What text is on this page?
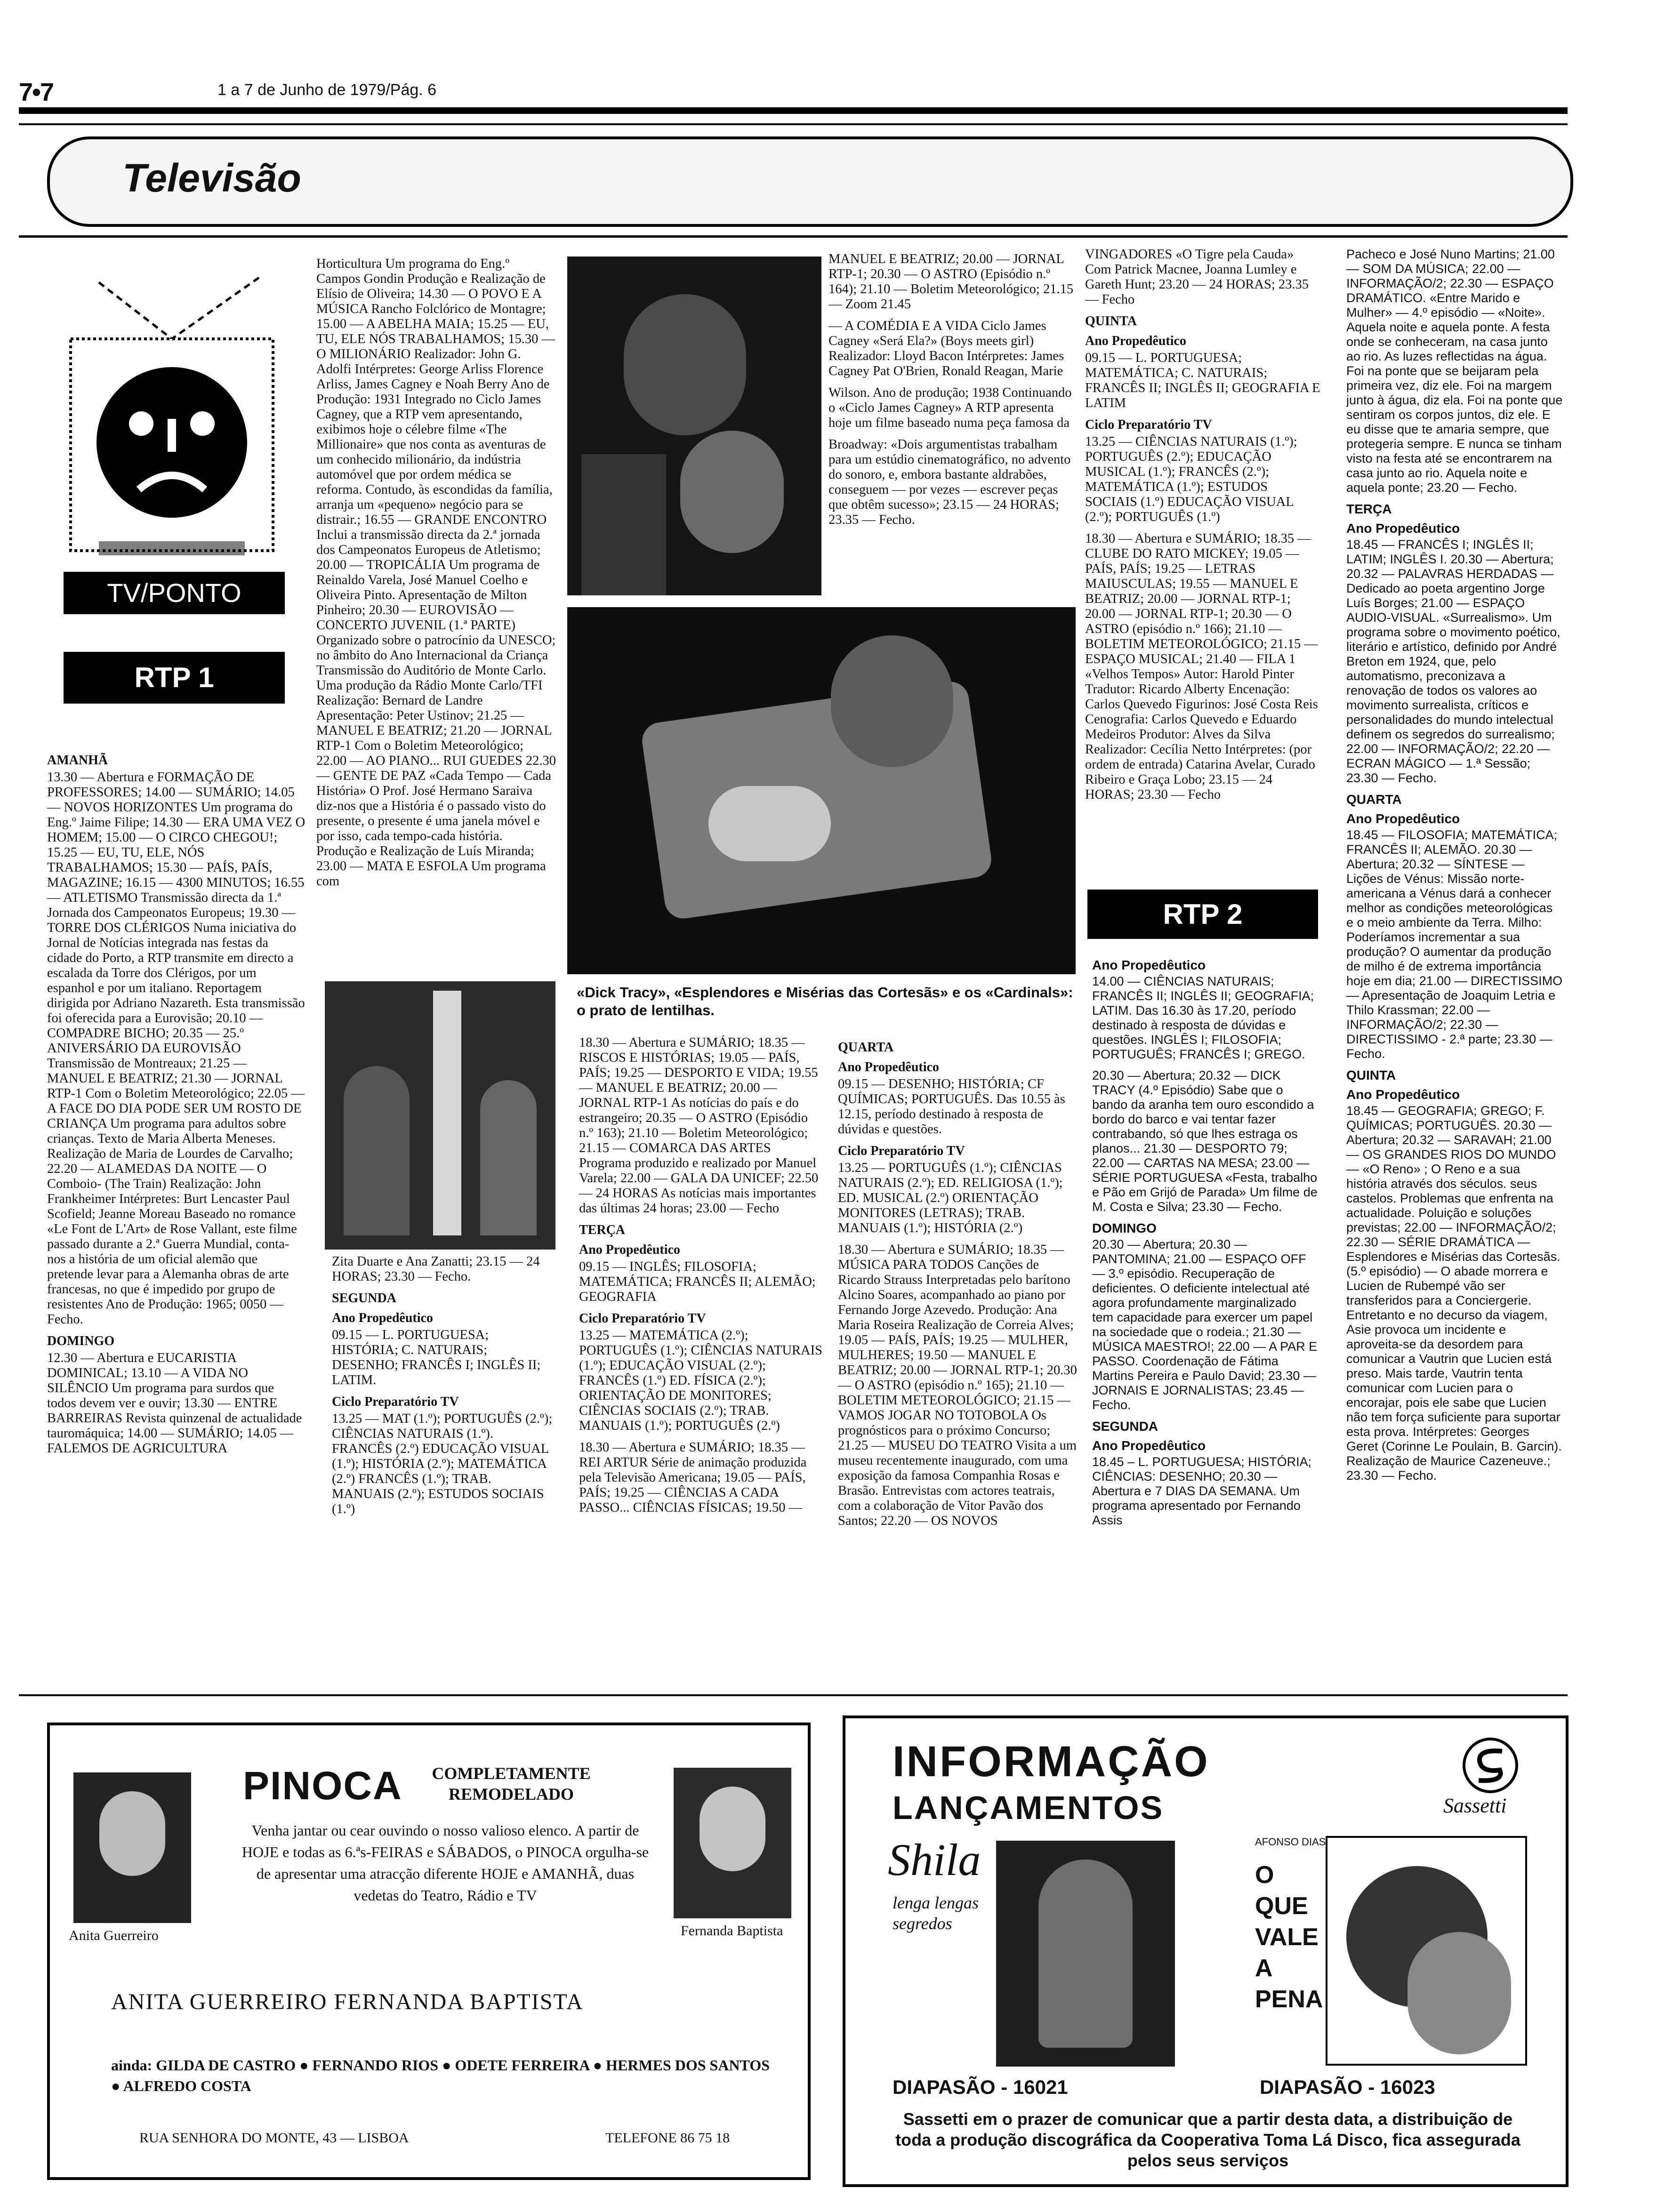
7•7	1 a 7 de Junho de 1979/Pág. 6
Televisão
TV/PONTO
RTP 1
AMANHÃ

13.30 — Abertura e FORMAÇÃO DE PROFESSORES; 14.00 — SUMÁRIO; 14.05 — NOVOS HORIZONTES Um programa do Eng.º Jaime Filipe; 14.30 — ERA UMA VEZ O HOMEM; 15.00 — O CIRCO CHEGOU!; 15.25 — EU, TU, ELE, NÓS TRABALHAMOS; 15.30 — PAÍS, PAÍS, MAGAZINE; 16.15 — 4300 MINUTOS; 16.55 — ATLETISMO Transmissão directa da 1.ª Jornada dos Campeonatos Europeus; 19.30 — TORRE DOS CLÉRIGOS Numa iniciativa do Jornal de Notícias integrada nas festas da cidade do Porto, a RTP transmite em directo a escalada da Torre dos Clérigos, por um espanhol e por um italiano. Reportagem dirigida por Adriano Nazareth. Esta transmissão foi oferecida para a Eurovisão; 20.10 — COMPADRE BICHO; 20.35 — 25.º ANIVERSÁRIO DA EUROVISÃO Transmissão de Montreaux; 21.25 — MANUEL E BEATRIZ; 21.30 — JORNAL RTP-1 Com o Boletim Meteorológico; 22.05 — A FACE DO DIA PODE SER UM ROSTO DE CRIANÇA Um programa para adultos sobre crianças. Texto de Maria Alberta Meneses. Realização de Maria de Lourdes de Carvalho; 22.20 — ALAMEDAS DA NOITE — O Comboio- (The Train) Realização: John Frankheimer Intérpretes: Burt Lencaster Paul Scofield; Jeanne Moreau Baseado no romance «Le Font de L'Art» de Rose Vallant, este filme passado durante a 2.ª Guerra Mundial, conta-nos a história de um oficial alemão que pretende levar para a Alemanha obras de arte francesas, no que é impedido por grupo de resistentes Ano de Produção: 1965; 0050 — Fecho.

DOMINGO

12.30 — Abertura e EUCARISTIA DOMINICAL; 13.10 — A VIDA NO SILÊNCIO Um programa para surdos que todos devem ver e ouvir; 13.30 — ENTRE BARREIRAS Revista quinzenal de actualidade tauromáquica; 14.00 — SUMÁRIO; 14.05 — FALEMOS DE AGRICULTURA

Horticultura Um programa do Eng.º Campos Gondin Produção e Realização de Elísio de Oliveira; 14.30 — O POVO E A MÚSICA Rancho Folclórico de Montagre; 15.00 — A ABELHA MAIA; 15.25 — EU, TU, ELE NÓS TRABALHAMOS; 15.30 — O MILIONÁRIO Realizador: John G. Adolfi Intérpretes: George Arliss Florence Arliss, James Cagney e Noah Berry Ano de Produção: 1931 Integrado no Ciclo James Cagney, que a RTP vem apresentando, exibimos hoje o célebre filme «The Millionaire» que nos conta as aventuras de um conhecido milionário, da indústria automóvel que por ordem médica se reforma. Contudo, às escondidas da família, arranja um «pequeno» negócio para se distrair.; 16.55 — GRANDE ENCONTRO Inclui a transmissão directa da 2.ª jornada dos Campeonatos Europeus de Atletismo; 20.00 — TROPICÁLIA Um programa de Reinaldo Varela, José Manuel Coelho e Oliveira Pinto. Apresentação de Milton Pinheiro; 20.30 — EUROVISÃO — CONCERTO JUVENIL (1.ª PARTE) Organizado sobre o patrocínio da UNESCO; no âmbito do Ano Internacional da Criança Transmissão do Auditório de Monte Carlo. Uma produção da Rádio Monte Carlo/TFI Realização: Bernard de Landre Apresentação: Peter Ustinov; 21.25 — MANUEL E BEATRIZ; 21.20 — JORNAL RTP-1 Com o Boletim Meteorológico; 22.00 — AO PIANO... RUI GUEDES 22.30 — GENTE DE PAZ «Cada Tempo — Cada História» O Prof. José Hermano Saraiva diz-nos que a História é o passado visto do presente, o presente é uma janela móvel e por isso, cada tempo-cada história. Produção e Realização de Luís Miranda; 23.00 — MATA E ESFOLA Um programa com

Zita Duarte e Ana Zanatti; 23.15 — 24 HORAS; 23.30 — Fecho.

SEGUNDA
Ano Propedêutico

09.15 — L. PORTUGUESA; HISTÓRIA; C. NATURAIS; DESENHO; FRANCÊS I; INGLÊS II; LATIM.

Ciclo Preparatório TV

13.25 — MAT (1.º); PORTUGUÊS (2.º); CIÊNCIAS NATURAIS (1.º). FRANCÊS (2.º) EDUCAÇÃO VISUAL (1.º); HISTÓRIA (2.º); MATEMÁTICA (2.º) FRANCÊS (1.º); TRAB. MANUAIS (2.º); ESTUDOS SOCIAIS (1.º)

«Dick Tracy», «Esplendores e Misérias das Cortesãs» e os «Cardinals»: o prato de lentilhas.

MANUEL E BEATRIZ; 20.00 — JORNAL RTP-1; 20.30 — O ASTRO (Episódio n.º 164); 21.10 — Boletim Meteorológico; 21.15 — Zoom 21.45

— A COMÉDIA E A VIDA Ciclo James Cagney «Será Ela?» (Boys meets girl) Realizador: Lloyd Bacon Intérpretes: James Cagney Pat O'Brien, Ronald Reagan, Marie

Wilson. Ano de produção; 1938 Continuando o «Ciclo James Cagney» A RTP apresenta hoje um filme baseado numa peça famosa da

Broadway: «Dois argumentistas trabalham para um estúdio cinematográfico, no advento do sonoro, e, embora bastante aldrabões, conseguem — por vezes — escrever peças que obtêm sucesso»; 23.15 — 24 HORAS; 23.35 — Fecho.

18.30 — Abertura e SUMÁRIO; 18.35 — RISCOS E HISTÓRIAS; 19.05 — PAÍS, PAÍS; 19.25 — DESPORTO E VIDA; 19.55 — MANUEL E BEATRIZ; 20.00 — JORNAL RTP-1 As notícias do país e do estrangeiro; 20.35 — O ASTRO (Episódio n.º 163); 21.10 — Boletim Meteorológico; 21.15 — COMARCA DAS ARTES Programa produzido e realizado por Manuel Varela; 22.00 — GALA DA UNICEF; 22.50 — 24 HORAS As notícias mais importantes das últimas 24 horas; 23.00 — Fecho

TERÇA
Ano Propedêutico

09.15 — INGLÊS; FILOSOFIA; MATEMÁTICA; FRANCÊS II; ALEMÃO; GEOGRAFIA

Ciclo Preparatório TV

13.25 — MATEMÁTICA (2.º); PORTUGUÊS (1.º); CIÊNCIAS NATURAIS (1.º); EDUCAÇÃO VISUAL (2.º); FRANCÊS (1.º) ED. FÍSICA (2.º); ORIENTAÇÃO DE MONITORES; CIÊNCIAS SOCIAIS (2.º); TRAB. MANUAIS (1.º); PORTUGUÊS (2.º)

18.30 — Abertura e SUMÁRIO; 18.35 — REI ARTUR Série de animação produzida pela Televisão Americana; 19.05 — PAÍS, PAÍS; 19.25 — CIÊNCIAS A CADA PASSO... CIÊNCIAS FÍSICAS; 19.50 —

QUARTA
Ano Propedêutico

09.15 — DESENHO; HISTÓRIA; CF QUÍMICAS; PORTUGUÊS. Das 10.55 às 12.15, período destinado à resposta de dúvidas e questões.

Ciclo Preparatório TV

13.25 — PORTUGUÊS (1.º); CIÊNCIAS NATURAIS (2.º); ED. RELIGIOSA (1.º); ED. MUSICAL (2.º) ORIENTAÇÃO MONITORES (LETRAS); TRAB. MANUAIS (1.º); HISTÓRIA (2.º)

18.30 — Abertura e SUMÁRIO; 18.35 — MÚSICA PARA TODOS Canções de Ricardo Strauss Interpretadas pelo barítono Alcino Soares, acompanhado ao piano por Fernando Jorge Azevedo. Produção: Ana Maria Roseira Realização de Correia Alves; 19.05 — PAÍS, PAÍS; 19.25 — MULHER, MULHERES; 19.50 — MANUEL E BEATRIZ; 20.00 — JORNAL RTP-1; 20.30 — O ASTRO (episódio n.º 165); 21.10 — BOLETIM METEOROLÓGICO; 21.15 — VAMOS JOGAR NO TOTOBOLA Os prognósticos para o próximo Concurso; 21.25 — MUSEU DO TEATRO Visita a um museu recentemente inaugurado, com uma exposição da famosa Companhia Rosas e Brasão. Entrevistas com actores teatrais, com a colaboração de Vitor Pavão dos Santos; 22.20 — OS NOVOS

VINGADORES «O Tigre pela Cauda» Com Patrick Macnee, Joanna Lumley e Gareth Hunt; 23.20 — 24 HORAS; 23.35 — Fecho

QUINTA
Ano Propedêutico

09.15 — L. PORTUGUESA; MATEMÁTICA; C. NATURAIS; FRANCÊS II; INGLÊS II; GEOGRAFIA E LATIM

Ciclo Preparatório TV

13.25 — CIÊNCIAS NATURAIS (1.º); PORTUGUÊS (2.º); EDUCAÇÃO MUSICAL (1.º); FRANCÊS (2.º); MATEMÁTICA (1.º); ESTUDOS SOCIAIS (1.º) EDUCAÇÃO VISUAL (2.º); PORTUGUÊS (1.º)

18.30 — Abertura e SUMÁRIO; 18.35 — CLUBE DO RATO MICKEY; 19.05 — PAÍS, PAÍS; 19.25 — LETRAS MAIUSCULAS; 19.55 — MANUEL E BEATRIZ; 20.00 — JORNAL RTP-1; 20.00 — JORNAL RTP-1; 20.30 — O ASTRO (episódio n.º 166); 21.10 — BOLETIM METEOROLÓGICO; 21.15 — ESPAÇO MUSICAL; 21.40 — FILA 1 «Velhos Tempos» Autor: Harold Pinter Tradutor: Ricardo Alberty Encenação: Carlos Quevedo Figurinos: José Costa Reis Cenografia: Carlos Quevedo e Eduardo Medeiros Produtor: Alves da Silva Realizador: Cecília Netto Intérpretes: (por ordem de entrada) Catarina Avelar, Curado Ribeiro e Graça Lobo; 23.15 — 24 HORAS; 23.30 — Fecho

RTP 2
Ano Propedêutico

14.00 — CIÊNCIAS NATURAIS; FRANCÊS II; INGLÊS II; GEOGRAFIA; LATIM. Das 16.30 às 17.20, período destinado à resposta de dúvidas e questões. INGLÊS I; FILOSOFIA; PORTUGUÊS; FRANCÊS I; GREGO.

20.30 — Abertura; 20.32 — DICK TRACY (4.º Episódio) Sabe que o bando da aranha tem ouro escondido a bordo do barco e vai tentar fazer contrabando, só que lhes estraga os planos... 21.30 — DESPORTO 79; 22.00 — CARTAS NA MESA; 23.00 — SÉRIE PORTUGUESA «Festa, trabalho e Pão em Grijó de Parada» Um filme de M. Costa e Silva; 23.30 — Fecho.

DOMINGO

20.30 — Abertura; 20.30 — PANTOMINA; 21.00 — ESPAÇO OFF — 3.º episódio. Recuperação de deficientes. O deficiente intelectual até agora profundamente marginalizado tem capacidade para exercer um papel na sociedade que o rodeia.; 21.30 — MÚSICA MAESTRO!; 22.00 — A PAR E PASSO. Coordenação de Fátima Martins Pereira e Paulo David; 23.30 — JORNAIS E JORNALISTAS; 23.45 — Fecho.

SEGUNDA
Ano Propedêutico

18.45 – L. PORTUGUESA; HISTÓRIA; CIÊNCIAS: DESENHO; 20.30 — Abertura e 7 DIAS DA SEMANA. Um programa apresentado por Fernando Assis

Pacheco e José Nuno Martins; 21.00 — SOM DA MÚSICA; 22.00 — INFORMAÇÃO/2; 22.30 — ESPAÇO DRAMÁTICO. «Entre Marido e Mulher» — 4.º episódio — «Noite». Aquela noite e aquela ponte. A festa onde se conheceram, na casa junto ao rio. As luzes reflectidas na água. Foi na ponte que se beijaram pela primeira vez, diz ele. Foi na margem junto à água, diz ela. Foi na ponte que sentiram os corpos juntos, diz ele. E eu disse que te amaria sempre, que protegeria sempre. E nunca se tinham visto na festa até se encontrarem na casa junto ao rio. Aquela noite e aquela ponte; 23.20 — Fecho.

TERÇA
Ano Propedêutico

18.45 — FRANCÊS I; INGLÊS II; LATIM; INGLÊS I. 20.30 — Abertura; 20.32 — PALAVRAS HERDADAS — Dedicado ao poeta argentino Jorge Luís Borges; 21.00 — ESPAÇO AUDIO-VISUAL. «Surrealismo». Um programa sobre o movimento poético, literário e artístico, definido por André Breton em 1924, que, pelo automatismo, preconizava a renovação de todos os valores ao movimento surrealista, críticos e personalidades do mundo intelectual definem os segredos do surrealismo; 22.00 — INFORMAÇÃO/2; 22.20 — ECRAN MÁGICO — 1.ª Sessão; 23.30 — Fecho.

QUARTA
Ano Propedêutico

18.45 — FILOSOFIA; MATEMÁTICA; FRANCÊS II; ALEMÃO. 20.30 — Abertura; 20.32 — SÍNTESE — Lições de Vénus: Missão norte-americana a Vénus dará a conhecer melhor as condições meteorológicas e o meio ambiente da Terra. Milho: Poderíamos incrementar a sua produção? O aumentar da produção de milho é de extrema importância hoje em dia; 21.00 — DIRECTISSIMO — Apresentação de Joaquim Letria e Thilo Krassman; 22.00 — INFORMAÇÃO/2; 22.30 — DIRECTISSIMO - 2.ª parte; 23.30 — Fecho.

QUINTA
Ano Propedêutico

18.45 — GEOGRAFIA; GREGO; F. QUÍMICAS; PORTUGUÊS. 20.30 — Abertura; 20.32 — SARAVAH; 21.00 — OS GRANDES RIOS DO MUNDO — «O Reno» ; O Reno e a sua história através dos séculos. seus castelos. Problemas que enfrenta na actualidade. Poluição e soluções previstas; 22.00 — INFORMAÇÃO/2; 22.30 — SÉRIE DRAMÁTICA — Esplendores e Misérias das Cortesãs. (5.º episódio) — O abade morrera e Lucien de Rubempé vão ser transferidos para a Conciergerie. Entretanto e no decurso da viagem, Asie provoca um incidente e aproveita-se da desordem para comunicar a Vautrin que Lucien está preso. Mais tarde, Vautrin tenta comunicar com Lucien para o encorajar, pois ele sabe que Lucien não tem força suficiente para suportar esta prova. Intérpretes: Georges Geret (Corinne Le Poulain, B. Garcin). Realização de Maurice Cazeneuve.; 23.30 — Fecho.

Anita Guerreiro
PINOCA	COMPLETAMENTE REMODELADO
Venha jantar ou cear ouvindo o nosso valioso elenco. A partir de HOJE e todas as 6.ªs-FEIRAS e SÁBADOS, o PINOCA orgulha-se de apresentar uma atracção diferente HOJE e AMANHÃ, duas vedetas do Teatro, Rádio e TV
Fernanda Baptista
ANITA GUERREIRO FERNANDA BAPTISTA
ainda: GILDA DE CASTRO ● FERNANDO RIOS ● ODETE FERREIRA ● HERMES DOS SANTOS ● ALFREDO COSTA
RUA SENHORA DO MONTE, 43 — LISBOA	TELEFONE 86 75 18
INFORMAÇÃO
LANÇAMENTOS	Sassetti
Shila
lenga lengas segredos
AFONSO DIAS
O QUE VALE A PENA
DIAPASÃO - 16021	DIAPASÃO - 16023
Sassetti em o prazer de comunicar que a partir desta data, a distribuição de toda a produção discográfica da Cooperativa Toma Lá Disco, fica assegurada pelos seus serviços
